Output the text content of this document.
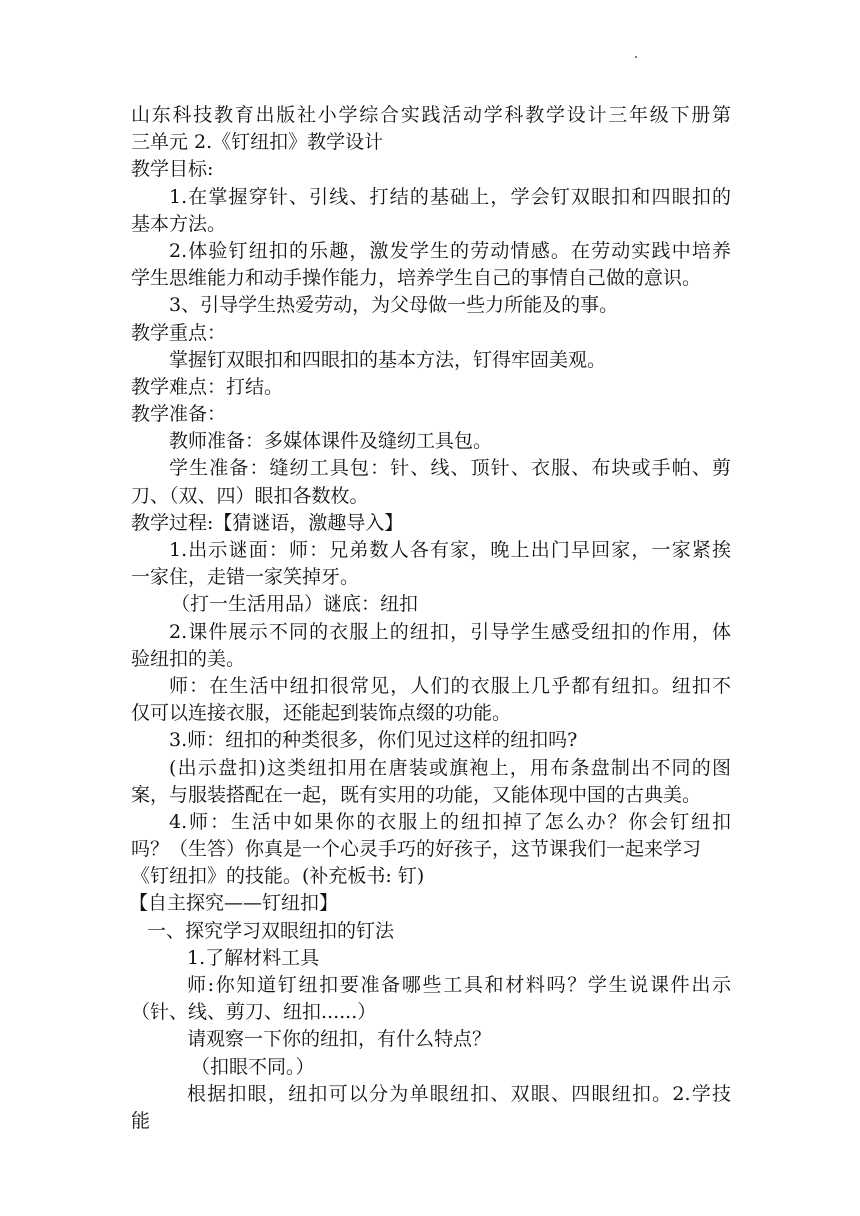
山东科技教育出版社小学综合实践活动学科教学设计三年级下册第
三单元 2.《钉纽扣》教学设计
教学目标:
1.在掌握穿针、引线、打结的基础上，学会钉双眼扣和四眼扣的
基本方法。
2.体验钉纽扣的乐趣，激发学生的劳动情感。在劳动实践中培养
学生思维能力和动手操作能力，培养学生自己的事情自己做的意识。
3、引导学生热爱劳动，为父母做一些力所能及的事。
教学重点：
掌握钉双眼扣和四眼扣的基本方法，钉得牢固美观。
教学难点：打结。
教学准备：
教师准备：多媒体课件及缝纫工具包。
学生准备：缝纫工具包：针、线、顶针、衣服、布块或手帕、剪
刀、（双、四）眼扣各数枚。
教学过程:【猜谜语，激趣导入】
1.出示谜面：师：兄弟数人各有家，晚上出门早回家，一家紧挨
一家住，走错一家笑掉牙。
（打一生活用品）谜底：纽扣
2.课件展示不同的衣服上的纽扣，引导学生感受纽扣的作用，体
验纽扣的美。
师：在生活中纽扣很常见，人们的衣服上几乎都有纽扣。纽扣不
仅可以连接衣服，还能起到装饰点缀的功能。
3.师：纽扣的种类很多，你们见过这样的纽扣吗?
(出示盘扣)这类纽扣用在唐装或旗袍上，用布条盘制出不同的图
案，与服装搭配在一起，既有实用的功能，又能体现中国的古典美。
4.师：生活中如果你的衣服上的纽扣掉了怎么办？你会钉纽扣
吗？（生答）你真是一个心灵手巧的好孩子，这节课我们一起来学习
《钉纽扣》的技能。(补充板书: 钉)
【自主探究——钉纽扣】
一、探究学习双眼纽扣的钉法
1.了解材料工具
师:你知道钉纽扣要准备哪些工具和材料吗？学生说课件出示
（针、线、剪刀、纽扣......）
请观察一下你的纽扣，有什么特点？
（扣眼不同。）
根据扣眼，纽扣可以分为单眼纽扣、双眼、四眼纽扣。2.学技
能
